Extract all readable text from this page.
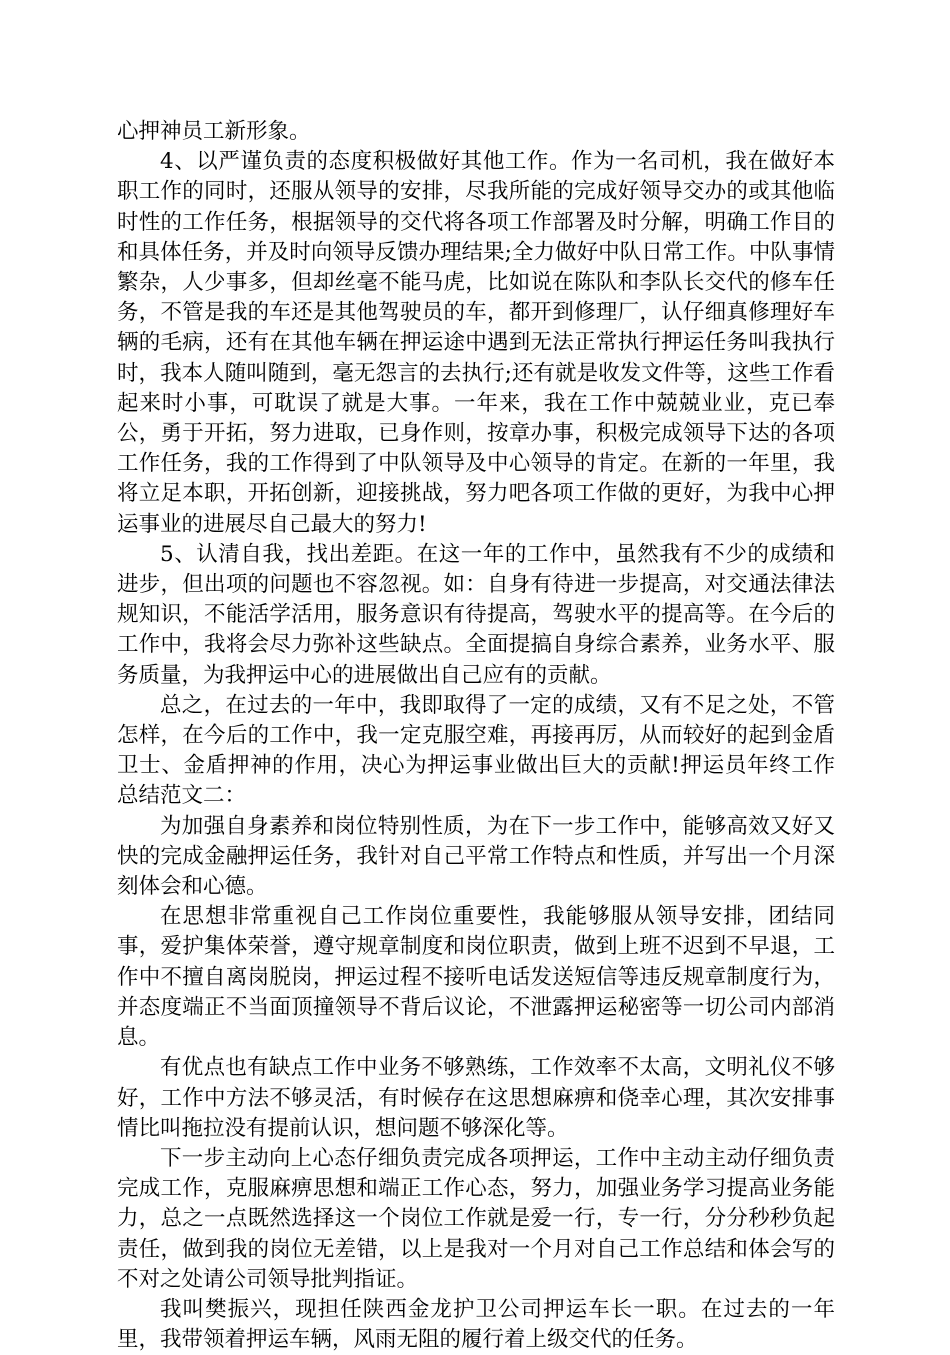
心押神员工新形象。

4、以严谨负责的态度积极做好其他工作。作为一名司机，我在做好本职工作的同时，还服从领导的安排，尽我所能的完成好领导交办的或其他临时性的工作任务，根据领导的交代将各项工作部署及时分解，明确工作目的和具体任务，并及时向领导反馈办理结果;全力做好中队日常工作。中队事情繁杂，人少事多，但却丝毫不能马虎，比如说在陈队和李队长交代的修车任务，不管是我的车还是其他驾驶员的车，都开到修理厂，认仔细真修理好车辆的毛病，还有在其他车辆在押运途中遇到无法正常执行押运任务叫我执行时，我本人随叫随到，毫无怨言的去执行;还有就是收发文件等，这些工作看起来时小事，可耽误了就是大事。一年来，我在工作中兢兢业业，克已奉公，勇于开拓，努力进取，已身作则，按章办事，积极完成领导下达的各项工作任务，我的工作得到了中队领导及中心领导的肯定。在新的一年里，我将立足本职，开拓创新，迎接挑战，努力吧各项工作做的更好，为我中心押运事业的进展尽自己最大的努力!

5、认清自我，找出差距。在这一年的工作中，虽然我有不少的成绩和进步，但出项的问题也不容忽视。如：自身有待进一步提高，对交通法律法规知识，不能活学活用，服务意识有待提高，驾驶水平的提高等。在今后的工作中，我将会尽力弥补这些缺点。全面提搞自身综合素养，业务水平、服务质量，为我押运中心的进展做出自己应有的贡献。

总之，在过去的一年中，我即取得了一定的成绩，又有不足之处，不管怎样，在今后的工作中，我一定克服空难，再接再厉，从而较好的起到金盾卫士、金盾押神的作用，决心为押运事业做出巨大的贡献!押运员年终工作总结范文二：

为加强自身素养和岗位特别性质，为在下一步工作中，能够高效又好又快的完成金融押运任务，我针对自己平常工作特点和性质，并写出一个月深刻体会和心德。

在思想非常重视自己工作岗位重要性，我能够服从领导安排，团结同事，爱护集体荣誉，遵守规章制度和岗位职责，做到上班不迟到不早退，工作中不擅自离岗脱岗，押运过程不接听电话发送短信等违反规章制度行为，并态度端正不当面顶撞领导不背后议论，不泄露押运秘密等一切公司内部消息。

有优点也有缺点工作中业务不够熟练，工作效率不太高，文明礼仪不够好，工作中方法不够灵活，有时候存在这思想麻痹和侥幸心理，其次安排事情比叫拖拉没有提前认识，想问题不够深化等。

下一步主动向上心态仔细负责完成各项押运，工作中主动主动仔细负责完成工作，克服麻痹思想和端正工作心态，努力，加强业务学习提高业务能力，总之一点既然选择这一个岗位工作就是爱一行，专一行，分分秒秒负起责任，做到我的岗位无差错，以上是我对一个月对自己工作总结和体会写的不对之处请公司领导批判指证。

我叫樊振兴，现担任陕西金龙护卫公司押运车长一职。在过去的一年里，我带领着押运车辆，风雨无阻的履行着上级交代的任务。
